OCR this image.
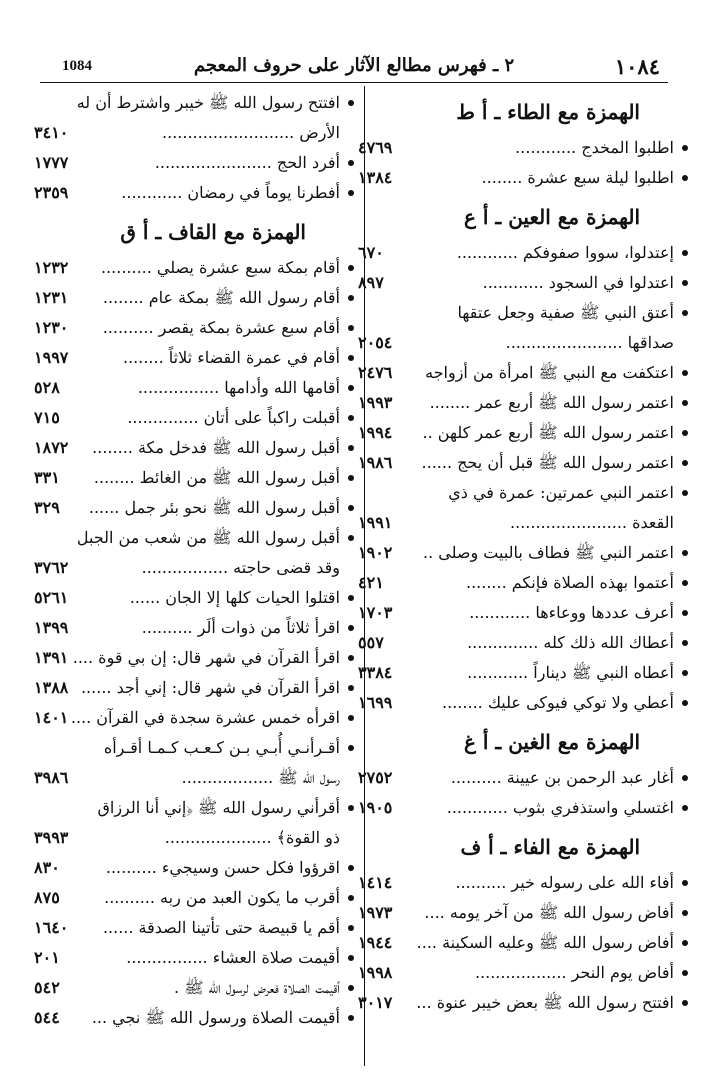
١٠٨٤
٢ ـ فهرس مطالع الآثار على حروف المعجم
1084
الهمزة مع الطاء ـ أ ط
اطلبوا المخدج ............
٤٧٦٩
اطلبوا ليلة سبع عشرة ........
١٣٨٤
الهمزة مع العين ـ أ ع
إعتدلوا، سووا صفوفكم ............
٦٧٠
اعتدلوا في السجود ............
٨٩٧
أعتق النبي ﷺ صفية وجعل عتقها
صداقها .......................
٢٠٥٤
اعتكفت مع النبي ﷺ امرأة من أزواجه
٢٤٧٦
اعتمر رسول الله ﷺ أربع عمر ........
١٩٩٣
اعتمر رسول الله ﷺ أربع عمر كلهن ..
١٩٩٤
اعتمر رسول الله ﷺ قبل أن يحج ......
١٩٨٦
اعتمر النبي عمرتين: عمرة في ذي
القعدة .......................
١٩٩١
اعتمر النبي ﷺ فطاف بالبيت وصلى ..
١٩٠٢
أعتموا بهذه الصلاة فإنكم ........
٤٢١
أعرف عددها ووعاءها ............
١٧٠٣
أعطاك الله ذلك كله ..............
٥٥٧
أعطاه النبي ﷺ ديناراً ............
٣٣٨٤
أعطي ولا توكي فيوكى عليك ........
١٦٩٩
الهمزة مع الغين ـ أ غ
أغار عبد الرحمن بن عيينة ..........
٢٧٥٢
اغتسلي واستذفري بثوب ............
١٩٠٥
الهمزة مع الفاء ـ أ ف
أفاء الله على رسوله خير ..........
١٤١٤
أفاض رسول الله ﷺ من آخر يومه ....
١٩٧٣
أفاض رسول الله ﷺ وعليه السكينة ....
١٩٤٤
أفاض يوم النحر ..................
١٩٩٨
افتتح رسول الله ﷺ بعض خيبر عنوة ...
٣٠١٧
افتتح رسول الله ﷺ خيبر واشترط أن له
الأرض ..........................
٣٤١٠
أفرد الحج .......................
١٧٧٧
أفطرنا يوماً في رمضان ............
٢٣٥٩
الهمزة مع القاف ـ أ ق
أقام بمكة سبع عشرة يصلي ..........
١٢٣٢
أقام رسول الله ﷺ بمكة عام ........
١٢٣١
أقام سبع عشرة بمكة يقصر ..........
١٢٣٠
أقام في عمرة القضاء ثلاثاً ........
١٩٩٧
أقامها الله وأدامها ................
٥٢٨
أقبلت راكباً على أتان ..............
٧١٥
أقبل رسول الله ﷺ فدخل مكة ........
١٨٧٢
أقبل رسول الله ﷺ من الغائط ........
٣٣١
أقبل رسول الله ﷺ نحو بئر جمل ......
٣٢٩
أقبل رسول الله ﷺ من شعب من الجبل
وقد قضى حاجته .................
٣٧٦٢
اقتلوا الحيات كلها إلا الجان ......
٥٢٦١
اقرأ ثلاثاً من ذوات ألَر ..........
١٣٩٩
اقرأ القرآن في شهر قال: إن بي قوة ....
١٣٩١
اقرأ القرآن في شهر قال: إني أجد ......
١٣٨٨
اقرأه خمس عشرة سجدة في القرآن ....
١٤٠١
أقـرأنـي أُبـي بـن كـعـب كـمـا أقـرأه
رسول الله ﷺ ..................
٣٩٨٦
أقرأني رسول الله ﷺ ﴿إني أنا الرزاق
ذو القوة﴾ .....................
٣٩٩٣
اقرؤوا فكل حسن وسيجيء ..........
٨٣٠
أقرب ما يكون العبد من ربه ..........
٨٧٥
أقم يا قبيصة حتى تأتينا الصدقة ......
١٦٤٠
أقيمت صلاة العشاء ................
٢٠١
أقيمت الصلاة فعرض لرسول الله ﷺ .
٥٤٢
أقيمت الصلاة ورسول الله ﷺ نجي ...
٥٤٤
